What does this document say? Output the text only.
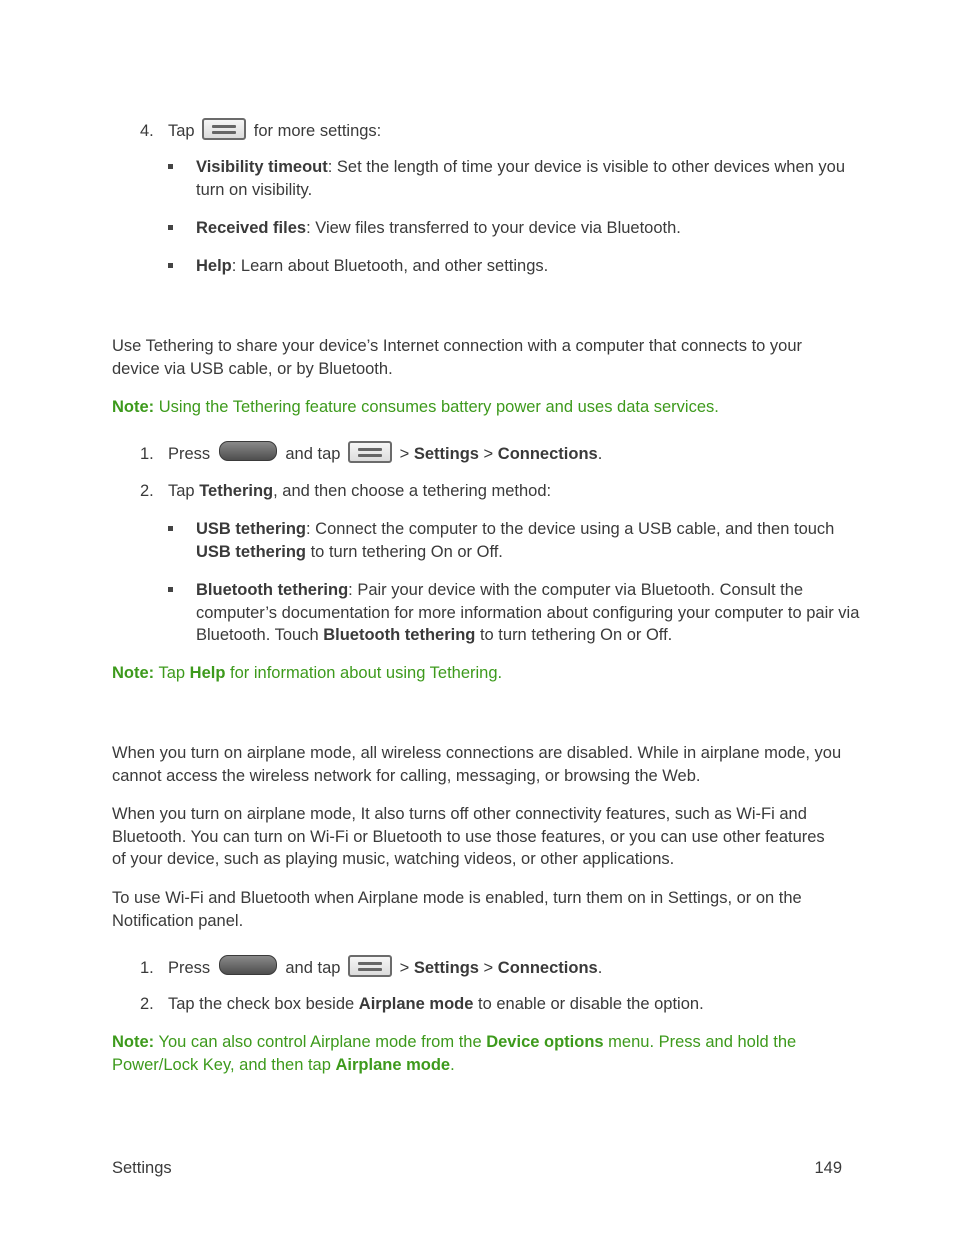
4. Tap	for more settings:

Visibility timeout: Set the length of time your device is visible to other devices when you turn on visibility.

Received files: View files transferred to your device via Bluetooth.

Help: Learn about Bluetooth, and other settings.

Use Tethering to share your device’s Internet connection with a computer that connects to your device via USB cable, or by Bluetooth.

Note: Using the Tethering feature consumes battery power and uses data services.

1. Press	and tap	> Settings > Connections.

2. Tap Tethering, and then choose a tethering method:

USB tethering: Connect the computer to the device using a USB cable, and then touch USB tethering to turn tethering On or Off.

Bluetooth tethering: Pair your device with the computer via Bluetooth. Consult the computer’s documentation for more information about configuring your computer to pair via Bluetooth. Touch Bluetooth tethering to turn tethering On or Off.

Note: Tap Help for information about using Tethering.

When you turn on airplane mode, all wireless connections are disabled. While in airplane mode, you cannot access the wireless network for calling, messaging, or browsing the Web.

When you turn on airplane mode, It also turns off other connectivity features, such as Wi-Fi and Bluetooth. You can turn on Wi-Fi or Bluetooth to use those features, or you can use other features of your device, such as playing music, watching videos, or other applications.

To use Wi-Fi and Bluetooth when Airplane mode is enabled, turn them on in Settings, or on the Notification panel.

1. Press	and tap	> Settings > Connections.

2. Tap the check box beside Airplane mode to enable or disable the option.

Note: You can also control Airplane mode from the Device options menu. Press and hold the Power/Lock Key, and then tap Airplane mode.

Settings	149
